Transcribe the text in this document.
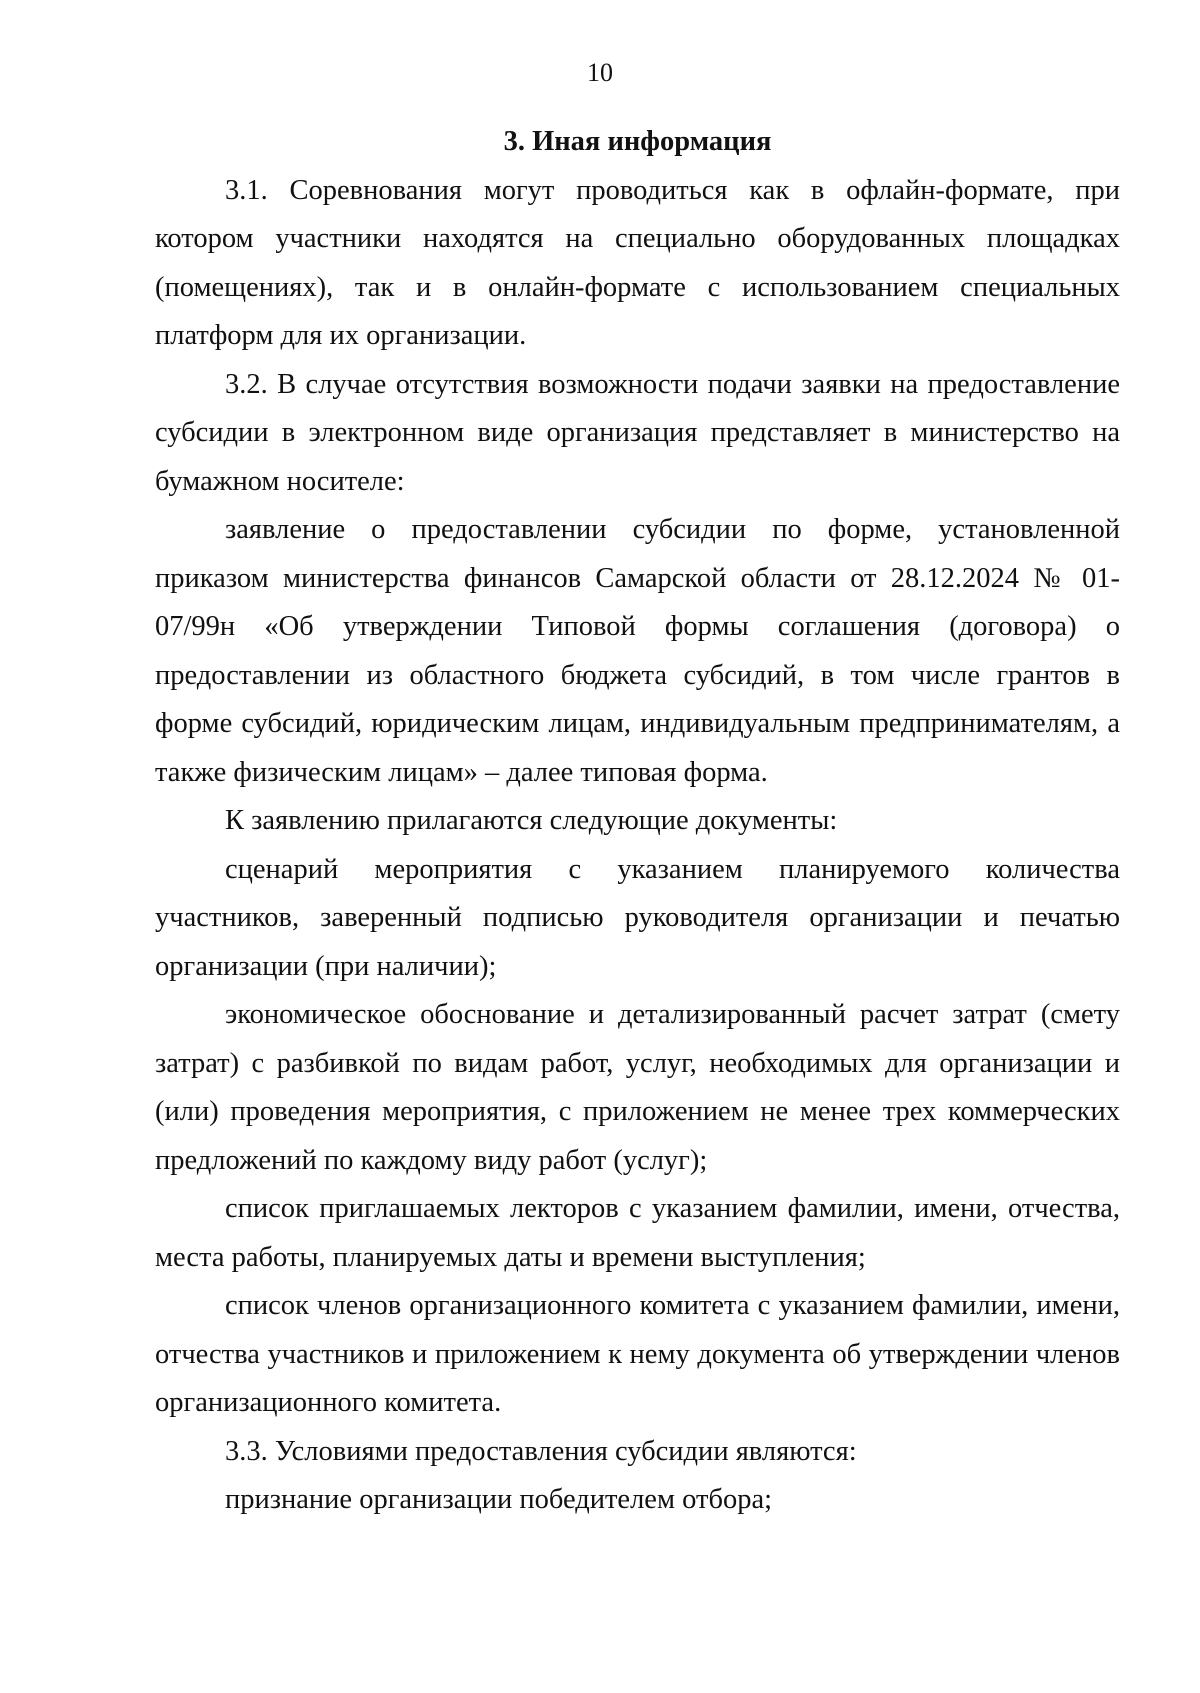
10
3. Иная информация

3.1. Соревнования могут проводиться как в офлайн-формате, при котором участники находятся на специально оборудованных площадках (помещениях), так и в онлайн-формате с использованием специальных платформ для их организации.

3.2. В случае отсутствия возможности подачи заявки на предоставление субсидии в электронном виде организация представляет в министерство на бумажном носителе:

заявление о предоставлении субсидии по форме, установленной приказом министерства финансов Самарской области от 28.12.2024 № 01-07/99н «Об утверждении Типовой формы соглашения (договора) о предоставлении из областного бюджета субсидий, в том числе грантов в форме субсидий, юридическим лицам, индивидуальным предпринимателям, а также физическим лицам» – далее типовая форма.

К заявлению прилагаются следующие документы:

сценарий мероприятия с указанием планируемого количества участников, заверенный подписью руководителя организации и печатью организации (при наличии);

экономическое обоснование и детализированный расчет затрат (смету затрат) с разбивкой по видам работ, услуг, необходимых для организации и (или) проведения мероприятия, с приложением не менее трех коммерческих предложений по каждому виду работ (услуг);

список приглашаемых лекторов с указанием фамилии, имени, отчества, места работы, планируемых даты и времени выступления;

список членов организационного комитета с указанием фамилии, имени, отчества участников и приложением к нему документа об утверждении членов организационного комитета.

3.3. Условиями предоставления субсидии являются:

признание организации победителем отбора;
